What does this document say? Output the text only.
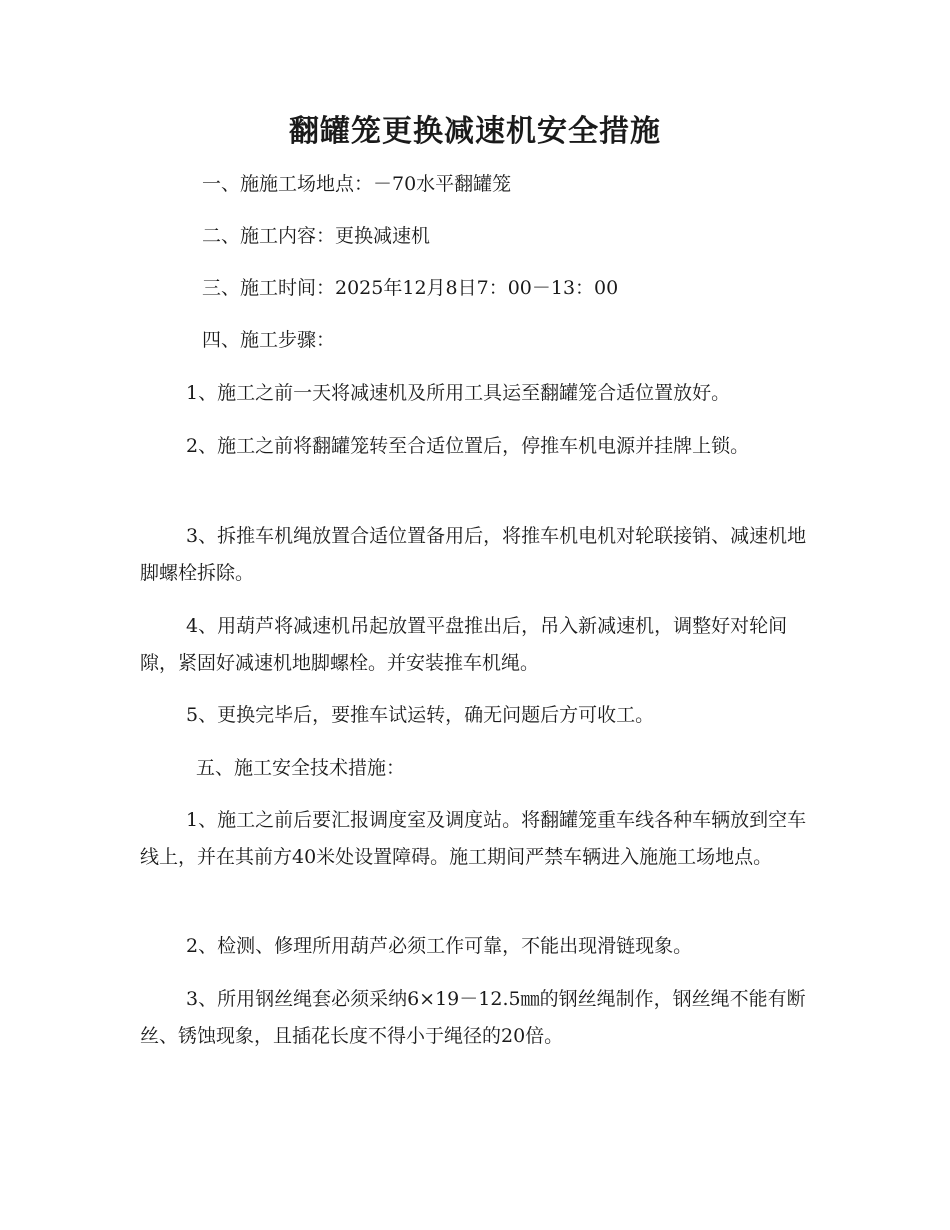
翻罐笼更换减速机安全措施

一、施施工场地点：－70水平翻罐笼

二、施工内容：更换减速机

三、施工时间：2025年12月8日7：00－13：00

四、施工步骤：

1、施工之前一天将减速机及所用工具运至翻罐笼合适位置放好。

2、施工之前将翻罐笼转至合适位置后，停推车机电源并挂牌上锁。

3、拆推车机绳放置合适位置备用后，将推车机电机对轮联接销、减速机地脚螺栓拆除。

4、用葫芦将减速机吊起放置平盘推出后，吊入新减速机，调整好对轮间隙，紧固好减速机地脚螺栓。并安装推车机绳。

5、更换完毕后，要推车试运转，确无问题后方可收工。

五、施工安全技术措施：

1、施工之前后要汇报调度室及调度站。将翻罐笼重车线各种车辆放到空车线上，并在其前方40米处设置障碍。施工期间严禁车辆进入施施工场地点。

2、检测、修理所用葫芦必须工作可靠，不能出现滑链现象。

3、所用钢丝绳套必须采纳6×19－12.5㎜的钢丝绳制作，钢丝绳不能有断丝、锈蚀现象，且插花长度不得小于绳径的20倍。
